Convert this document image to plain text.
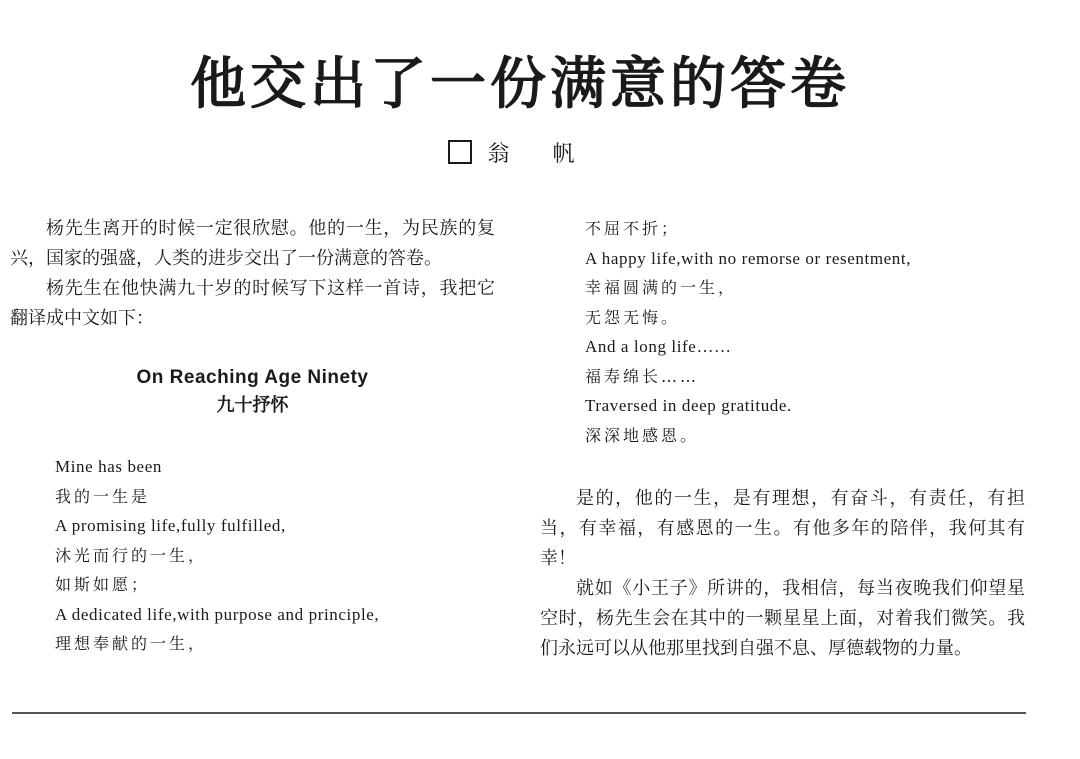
他交出了一份满意的答卷
翁 帆

杨先生离开的时候一定很欣慰。他的一生，为民族的复兴，国家的强盛，人类的进步交出了一份满意的答卷。

杨先生在他快满九十岁的时候写下这样一首诗，我把它翻译成中文如下：

On Reaching Age Ninety
九十抒怀
Mine has been
我的一生是
A promising life,fully fulfilled,
沐光而行的一生，
如斯如愿；
A dedicated life,with purpose and principle,
理想奉献的一生，
不屈不折；
A happy life,with no remorse or resentment,
幸福圆满的一生，
无怨无悔。
And a long life……
福寿绵长……
Traversed in deep gratitude.
深深地感恩。

是的，他的一生，是有理想，有奋斗，有责任，有担当，有幸福，有感恩的一生。有他多年的陪伴，我何其有幸！

就如《小王子》所讲的，我相信，每当夜晚我们仰望星空时，杨先生会在其中的一颗星星上面，对着我们微笑。我们永远可以从他那里找到自强不息、厚德载物的力量。
